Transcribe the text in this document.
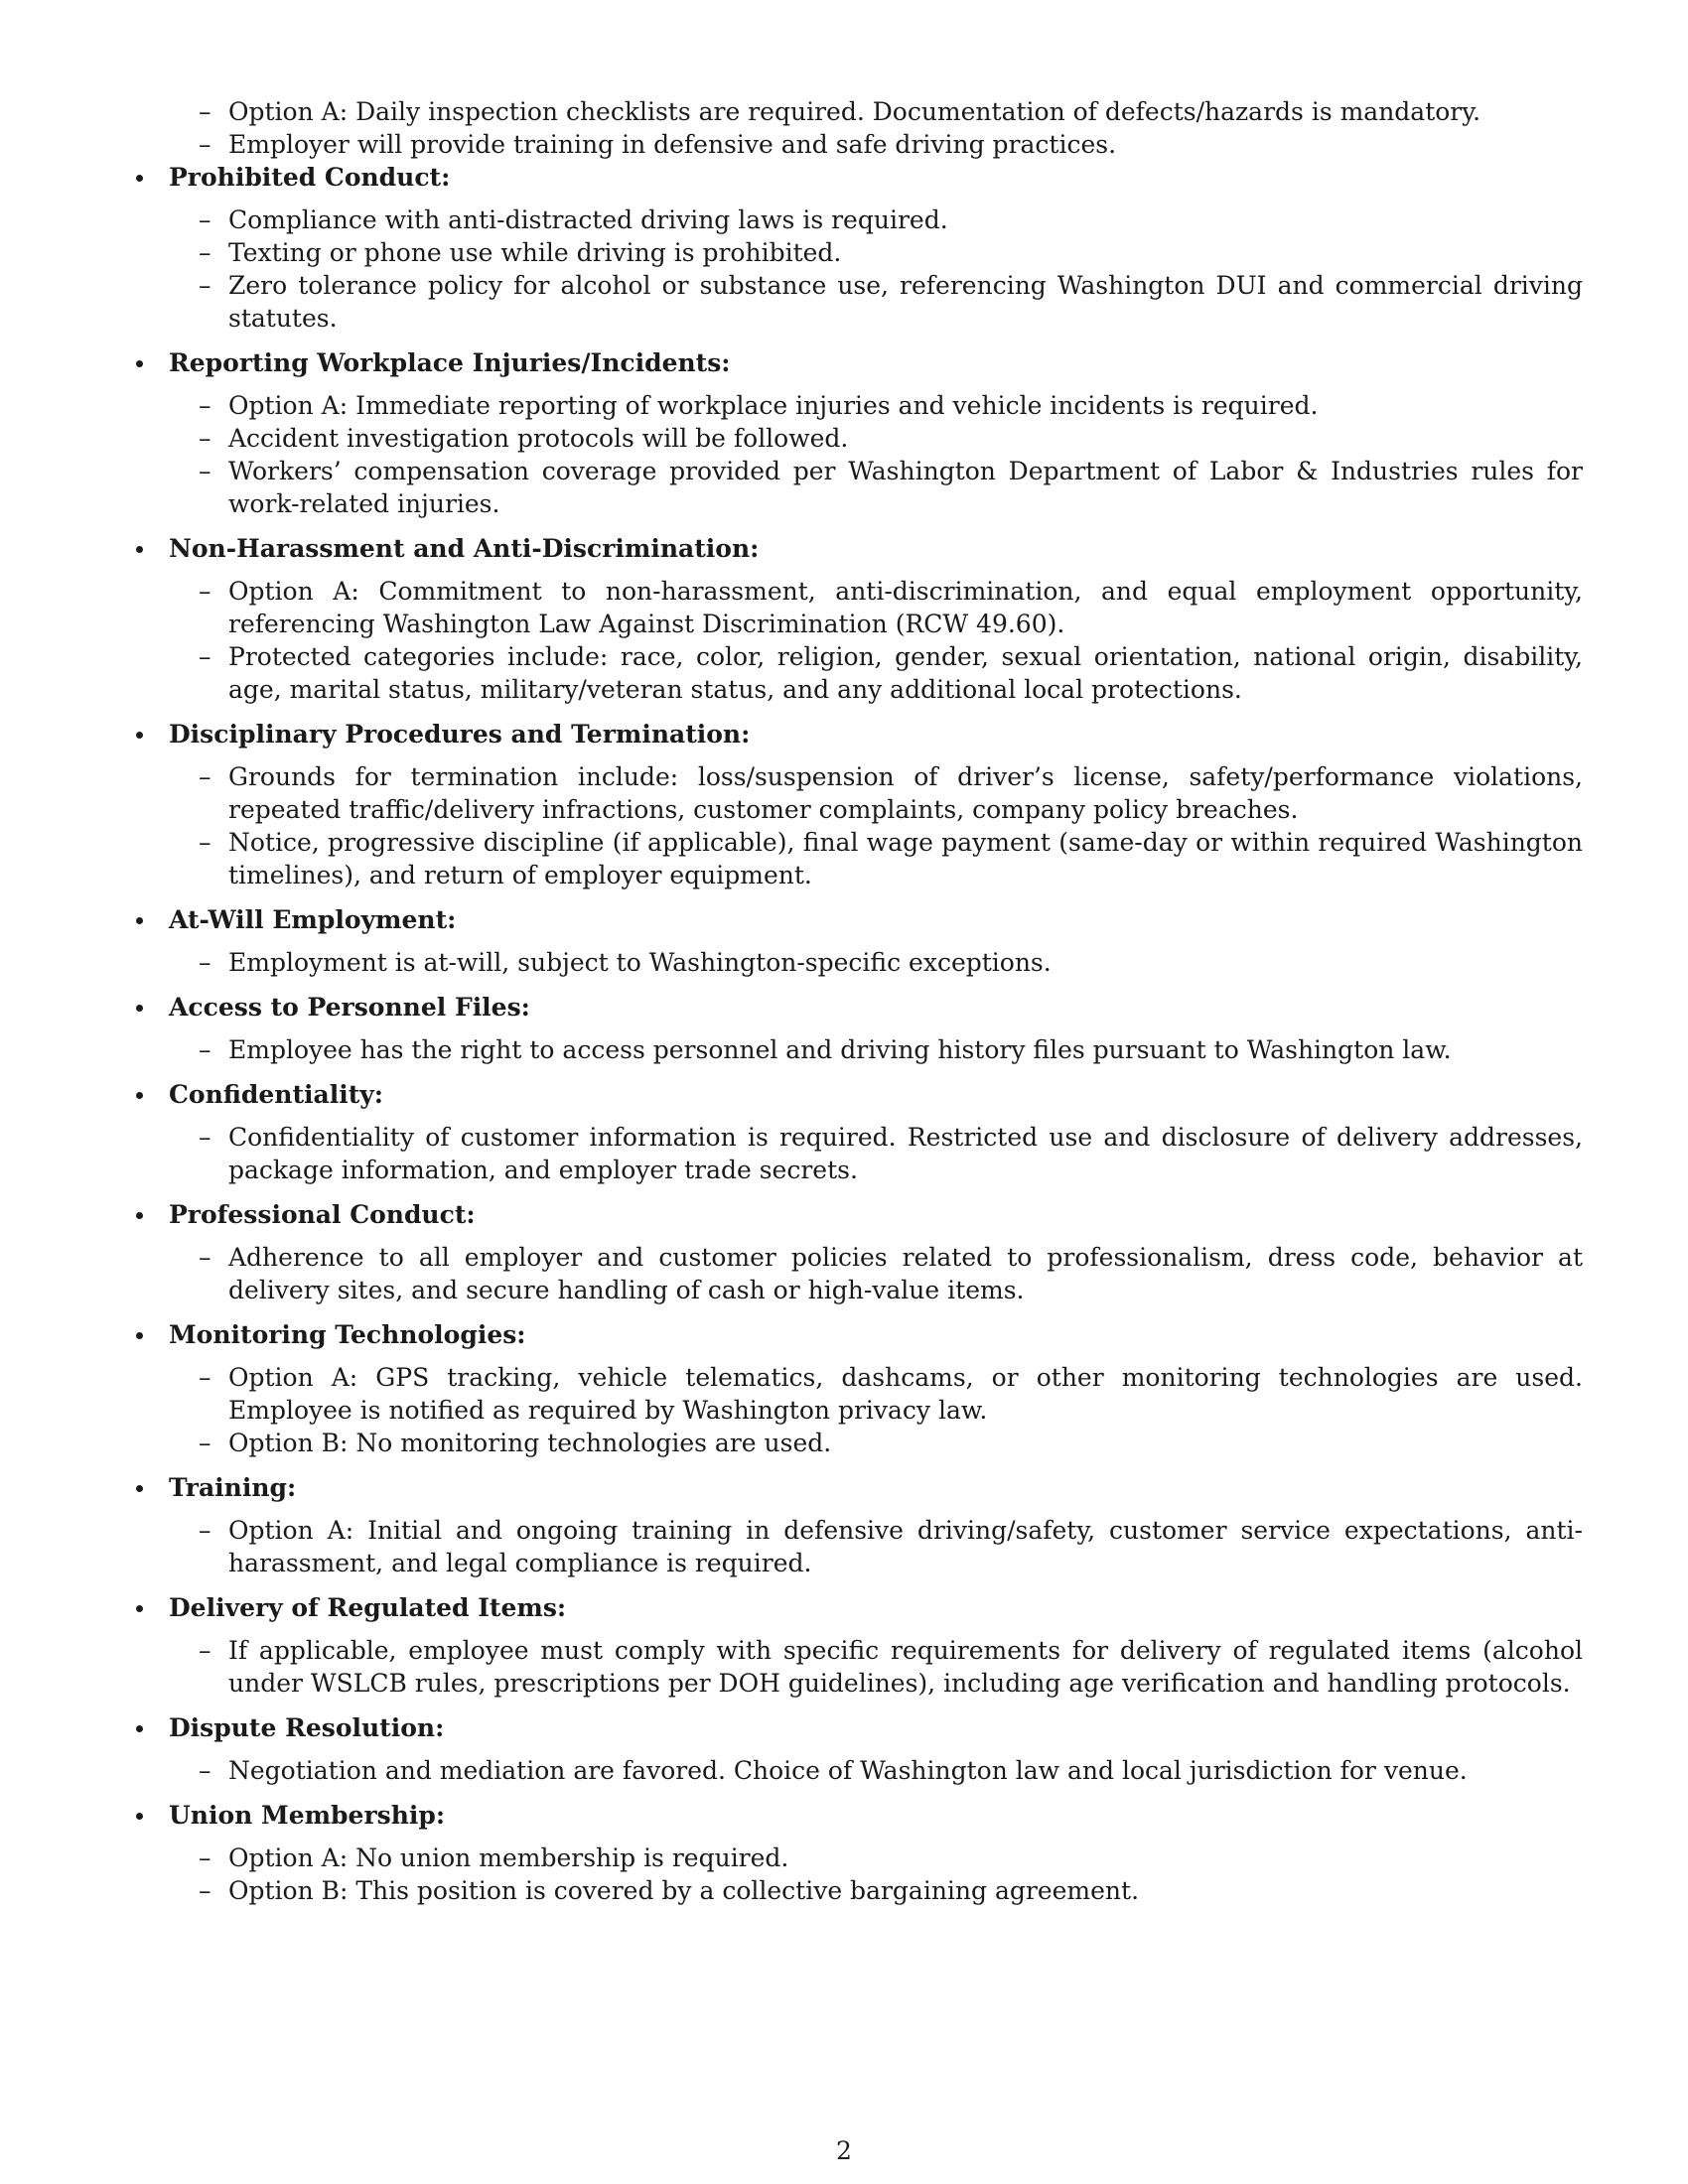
– Option A: Daily inspection checklists are required. Documentation of defects/hazards is mandatory.
– Employer will provide training in defensive and safe driving practices.
Prohibited Conduct:
– Compliance with anti-distracted driving laws is required.
– Texting or phone use while driving is prohibited.
– Zero tolerance policy for alcohol or substance use, referencing Washington DUI and commercial driving statutes.
Reporting Workplace Injuries/Incidents:
– Option A: Immediate reporting of workplace injuries and vehicle incidents is required.
– Accident investigation protocols will be followed.
– Workers’ compensation coverage provided per Washington Department of Labor & Industries rules for work-related injuries.
Non-Harassment and Anti-Discrimination:
– Option A: Commitment to non-harassment, anti-discrimination, and equal employment opportunity, referencing Washington Law Against Discrimination (RCW 49.60).
– Protected categories include: race, color, religion, gender, sexual orientation, national origin, disability, age, marital status, military/veteran status, and any additional local protections.
Disciplinary Procedures and Termination:
– Grounds for termination include: loss/suspension of driver’s license, safety/performance violations, repeated traffic/delivery infractions, customer complaints, company policy breaches.
– Notice, progressive discipline (if applicable), final wage payment (same-day or within required Washington timelines), and return of employer equipment.
At-Will Employment:
– Employment is at-will, subject to Washington-specific exceptions.
Access to Personnel Files:
– Employee has the right to access personnel and driving history files pursuant to Washington law.
Confidentiality:
– Confidentiality of customer information is required. Restricted use and disclosure of delivery addresses, package information, and employer trade secrets.
Professional Conduct:
– Adherence to all employer and customer policies related to professionalism, dress code, behavior at delivery sites, and secure handling of cash or high-value items.
Monitoring Technologies:
– Option A: GPS tracking, vehicle telematics, dashcams, or other monitoring technologies are used. Employee is notified as required by Washington privacy law.
– Option B: No monitoring technologies are used.
Training:
– Option A: Initial and ongoing training in defensive driving/safety, customer service expectations, anti-harassment, and legal compliance is required.
Delivery of Regulated Items:
– If applicable, employee must comply with specific requirements for delivery of regulated items (alcohol under WSLCB rules, prescriptions per DOH guidelines), including age verification and handling protocols.
Dispute Resolution:
– Negotiation and mediation are favored. Choice of Washington law and local jurisdiction for venue.
Union Membership:
– Option A: No union membership is required.
– Option B: This position is covered by a collective bargaining agreement.
2
